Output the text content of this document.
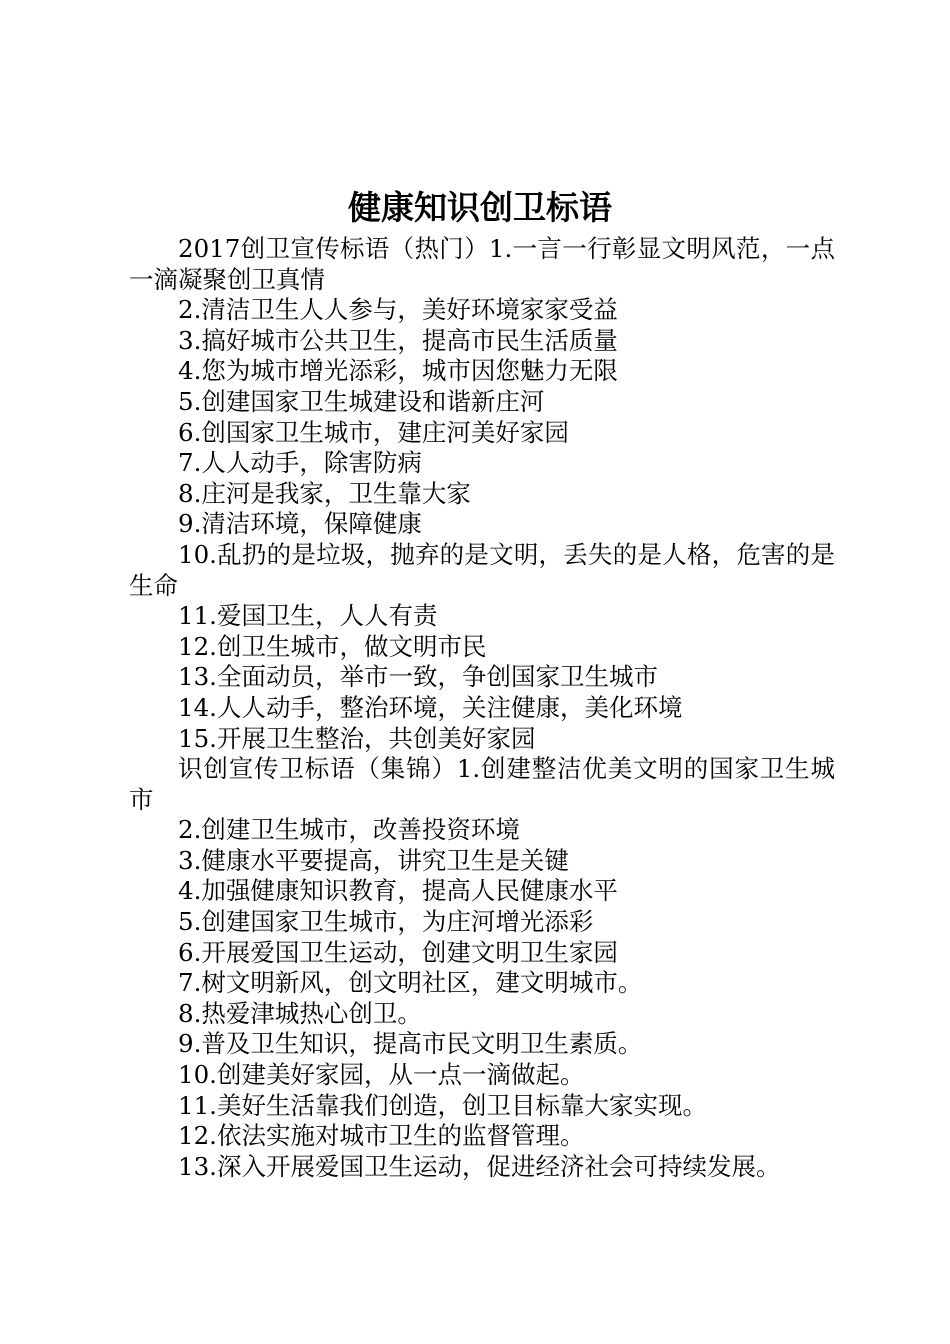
健康知识创卫标语

2017创卫宣传标语（热门）1.一言一行彰显文明风范，一点一滴凝聚创卫真情

2.清洁卫生人人参与，美好环境家家受益

3.搞好城市公共卫生，提高市民生活质量

4.您为城市增光添彩，城市因您魅力无限

5.创建国家卫生城建设和谐新庄河

6.创国家卫生城市，建庄河美好家园

7.人人动手，除害防病

8.庄河是我家，卫生靠大家

9.清洁环境，保障健康

10.乱扔的是垃圾，抛弃的是文明，丢失的是人格，危害的是生命

11.爱国卫生，人人有责

12.创卫生城市，做文明市民

13.全面动员，举市一致，争创国家卫生城市

14.人人动手，整治环境，关注健康，美化环境

15.开展卫生整治，共创美好家园

识创宣传卫标语（集锦）1.创建整洁优美文明的国家卫生城市

2.创建卫生城市，改善投资环境

3.健康水平要提高，讲究卫生是关键

4.加强健康知识教育，提高人民健康水平

5.创建国家卫生城市，为庄河增光添彩

6.开展爱国卫生运动，创建文明卫生家园

7.树文明新风，创文明社区，建文明城市。

8.热爱津城热心创卫。

9.普及卫生知识，提高市民文明卫生素质。

10.创建美好家园，从一点一滴做起。

11.美好生活靠我们创造，创卫目标靠大家实现。

12.依法实施对城市卫生的监督管理。

13.深入开展爱国卫生运动，促进经济社会可持续发展。
